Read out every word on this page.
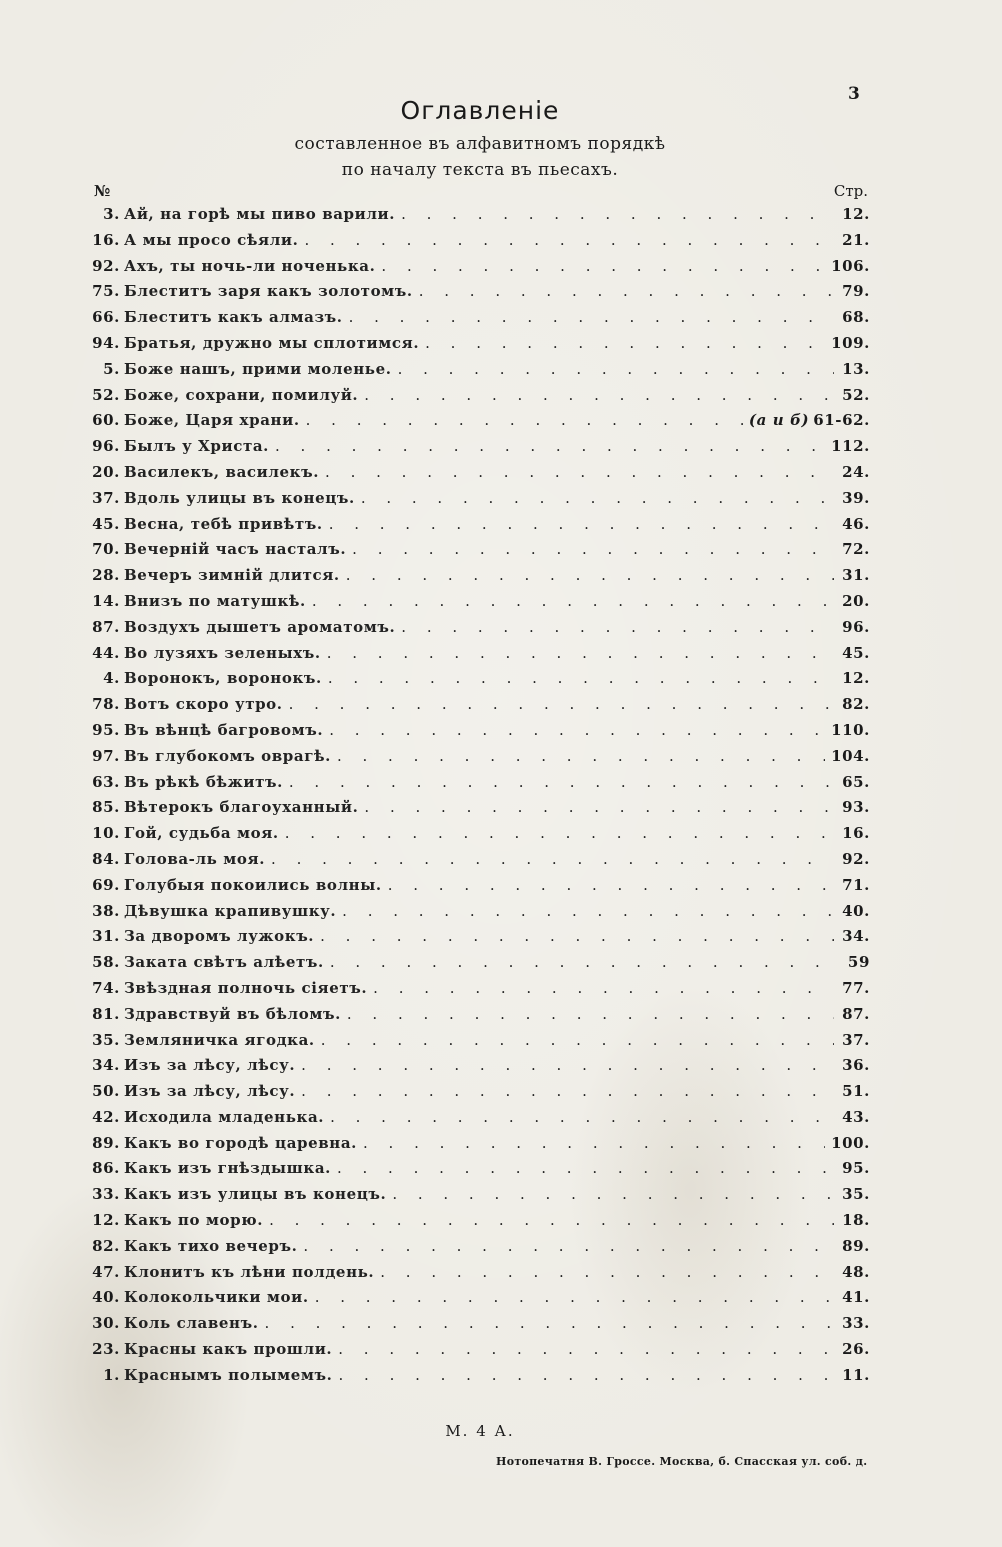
3
Оглавленіе
составленное въ алфавитномъ порядкѣ
по началу текста въ пьесахъ.
№	Стр.
3. Ай, на горѣ мы пиво варили. . . .	12.
16. А мы просо сѣяли. . . .	21.
92. Ахъ, ты ночь-ли ноченька. . . .	106.
75. Блеститъ заря какъ золотомъ. . . .	79.
66. Блеститъ какъ алмазъ. . . .	68.
94. Братья, дружно мы сплотимся. . . .	109.
5. Боже нашъ, прими моленье. . . .	13.
52. Боже, сохрани, помилуй. . . .	52.
60. Боже, Царя храни. . . .	(а и б) 61-62.
96. Былъ у Христа. . . .	112.
20. Василекъ, василекъ. . . .	24.
37. Вдоль улицы въ конецъ. . . .	39.
45. Весна, тебѣ привѣтъ. . . .	46.
70. Вечерній часъ насталъ. . . .	72.
28. Вечеръ зимній длится. . . .	31.
14. Внизъ по матушкѣ. . . .	20.
87. Воздухъ дышетъ ароматомъ. . . .	96.
44. Во лузяхъ зеленыхъ. . . .	45.
4. Воронокъ, воронокъ. . . .	12.
78. Вотъ скоро утро. . . .	82.
95. Въ вѣнцѣ багровомъ. . . .	110.
97. Въ глубокомъ оврагѣ. . . .	104.
63. Въ рѣкѣ бѣжитъ. . . .	65.
85. Вѣтерокъ благоуханный. . . .	93.
10. Гой, судьба моя. . . .	16.
84. Голова-ль моя. . . .	92.
69. Голубыя покоились волны. . . .	71.
38. Дѣвушка крапивушку. . . .	40.
31. За дворомъ лужокъ. . . .	34.
58. Заката свѣтъ алѣетъ. . . .	59
74. Звѣздная полночь сіяетъ. . . .	77.
81. Здравствуй въ бѣломъ. . . .	87.
35. Земляничка ягодка. . . .	37.
34. Изъ за лѣсу, лѣсу. . . .	36.
50. Изъ за лѣсу, лѣсу. . . .	51.
42. Исходила младенька. . . .	43.
89. Какъ во городѣ царевна. . . .	100.
86. Какъ изъ гнѣздышка. . . .	95.
33. Какъ изъ улицы въ конецъ. . . .	35.
12. Какъ по морю. . . .	18.
82. Какъ тихо вечеръ. . . .	89.
47. Клонитъ къ лѣни полдень. . . .	48.
40. Колокольчики мои. . . .	41.
30. Коль славенъ. . . .	33.
23. Красны какъ прошли. . . .	26.
1. Краснымъ полымемъ. . . .	11.
М. 4 А.
Нотопечатня В. Гроссе. Москва, б. Спасская ул. соб. д.
